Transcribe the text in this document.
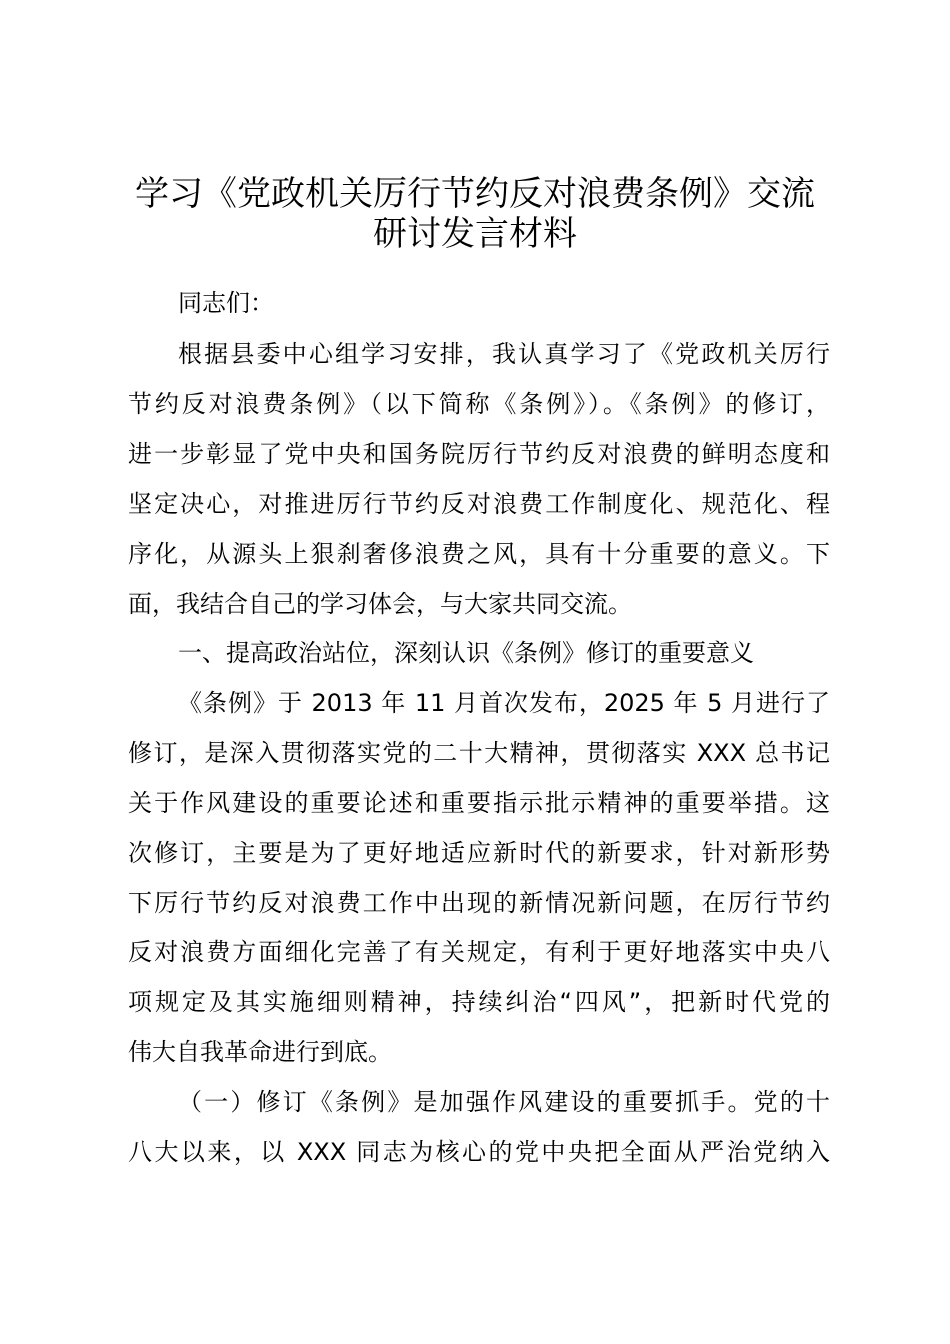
学习《党政机关厉行节约反对浪费条例》交流
研讨发言材料

同志们：

根据县委中心组学习安排，我认真学习了《党政机关厉行

节约反对浪费条例》（以下简称《条例》）。《条例》的修订，

进一步彰显了党中央和国务院厉行节约反对浪费的鲜明态度和

坚定决心，对推进厉行节约反对浪费工作制度化、规范化、程

序化，从源头上狠刹奢侈浪费之风，具有十分重要的意义。下

面，我结合自己的学习体会，与大家共同交流。

一、提高政治站位，深刻认识《条例》修订的重要意义

《条例》于 2013 年 11 月首次发布，2025 年 5 月进行了

修订，是深入贯彻落实党的二十大精神，贯彻落实 XXX 总书记

关于作风建设的重要论述和重要指示批示精神的重要举措。这

次修订，主要是为了更好地适应新时代的新要求，针对新形势

下厉行节约反对浪费工作中出现的新情况新问题，在厉行节约

反对浪费方面细化完善了有关规定，有利于更好地落实中央八

项规定及其实施细则精神，持续纠治“四风”，把新时代党的

伟大自我革命进行到底。

（一）修订《条例》是加强作风建设的重要抓手。党的十

八大以来，以 XXX 同志为核心的党中央把全面从严治党纳入
